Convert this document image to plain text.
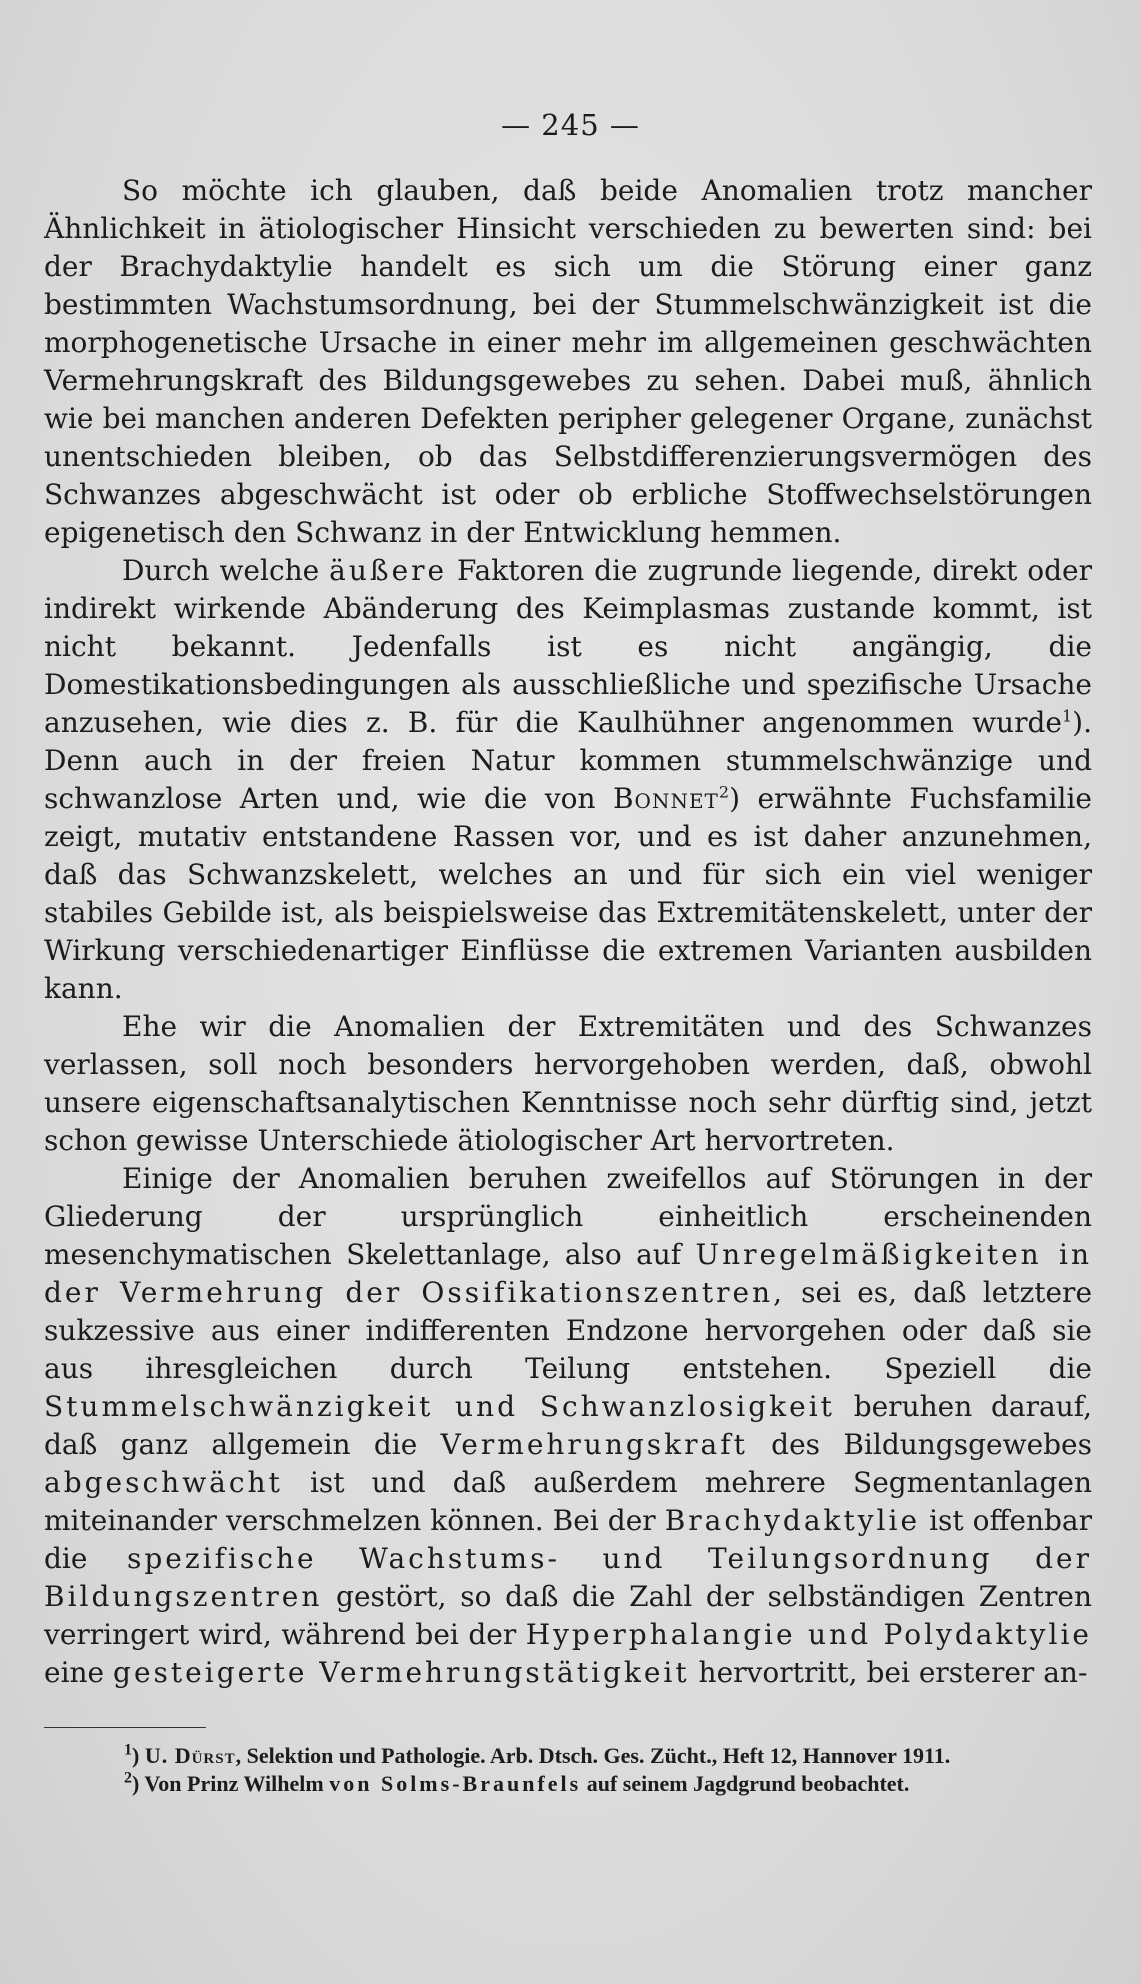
— 245 —

So möchte ich glauben, daß beide Anomalien trotz mancher Ähnlichkeit in ätiologischer Hinsicht verschieden zu bewerten sind: bei der Brachydaktylie handelt es sich um die Störung einer ganz bestimmten Wachstumsordnung, bei der Stummelschwänzigkeit ist die morphogenetische Ursache in einer mehr im allgemeinen geschwächten Vermehrungskraft des Bildungsgewebes zu sehen. Dabei muß, ähnlich wie bei manchen anderen Defekten peripher gelegener Organe, zunächst unentschieden bleiben, ob das Selbstdifferenzierungsvermögen des Schwanzes abgeschwächt ist oder ob erbliche Stoffwechselstörungen epigenetisch den Schwanz in der Entwicklung hemmen.

Durch welche äußere Faktoren die zugrunde liegende, direkt oder indirekt wirkende Abänderung des Keimplasmas zustande kommt, ist nicht bekannt. Jedenfalls ist es nicht angängig, die Domestikationsbedingungen als ausschließliche und spezifische Ursache anzusehen, wie dies z. B. für die Kaulhühner angenommen wurde$^1$). Denn auch in der freien Natur kommen stummelschwänzige und schwanzlose Arten und, wie die von Bonnet$^2$) erwähnte Fuchsfamilie zeigt, mutativ entstandene Rassen vor, und es ist daher anzunehmen, daß das Schwanzskelett, welches an und für sich ein viel weniger stabiles Gebilde ist, als beispielsweise das Extremitätenskelett, unter der Wirkung verschiedenartiger Einflüsse die extremen Varianten ausbilden kann.

Ehe wir die Anomalien der Extremitäten und des Schwanzes verlassen, soll noch besonders hervorgehoben werden, daß, obwohl unsere eigenschaftsanalytischen Kenntnisse noch sehr dürftig sind, jetzt schon gewisse Unterschiede ätiologischer Art hervortreten.

Einige der Anomalien beruhen zweifellos auf Störungen in der Gliederung der ursprünglich einheitlich erscheinenden mesenchymatischen Skelettanlage, also auf Unregelmäßigkeiten in der Vermehrung der Ossifikationszentren, sei es, daß letztere sukzessive aus einer indifferenten Endzone hervorgehen oder daß sie aus ihresgleichen durch Teilung entstehen. Speziell die Stummelschwänzigkeit und Schwanzlosigkeit beruhen darauf, daß ganz allgemein die Vermehrungskraft des Bildungsgewebes abgeschwächt ist und daß außerdem mehrere Segmentanlagen miteinander verschmelzen können. Bei der Brachydaktylie ist offenbar die spezifische Wachstums- und Teilungsordnung der Bildungszentren gestört, so daß die Zahl der selbständigen Zentren verringert wird, während bei der Hyperphalangie und Polydaktylie eine gesteigerte Vermehrungstätigkeit hervortritt, bei ersterer an-

$^1$) U. Dürst, Selektion und Pathologie. Arb. Dtsch. Ges. Zücht., Heft 12, Hannover 1911.

$^2$) Von Prinz Wilhelm von Solms-Braunfels auf seinem Jagdgrund beobachtet.
